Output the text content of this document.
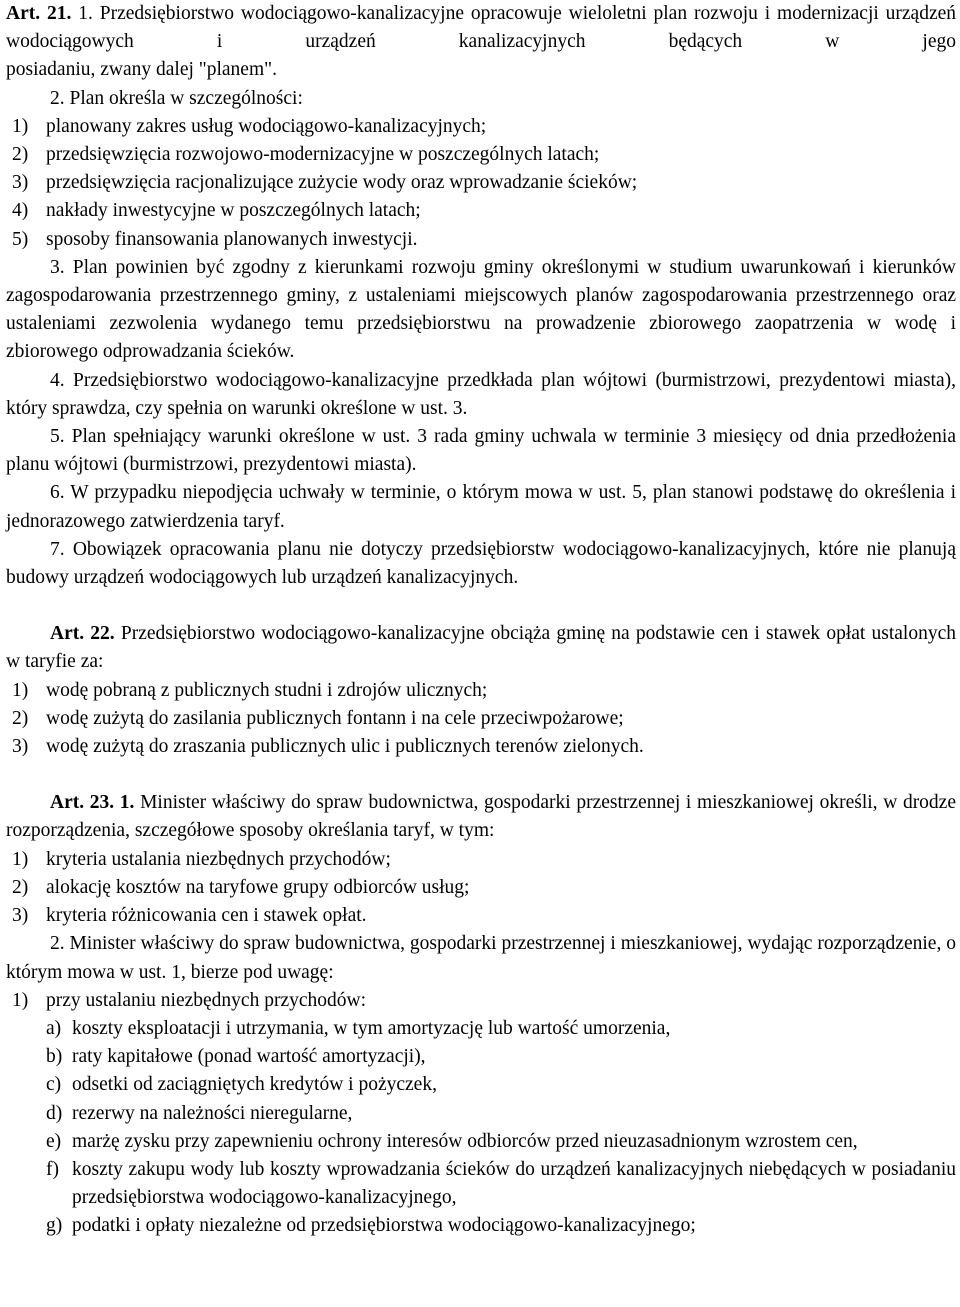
Art. 21. 1. Przedsiębiorstwo wodociągowo-kanalizacyjne opracowuje wieloletni plan rozwoju i modernizacji urządzeń wodociągowych i urządzeń kanalizacyjnych będących w jego

posiadaniu, zwany dalej "planem".

2. Plan określa w szczególności:

1) planowany zakres usług wodociągowo-kanalizacyjnych;
2) przedsięwzięcia rozwojowo-modernizacyjne w poszczególnych latach;
3) przedsięwzięcia racjonalizujące zużycie wody oraz wprowadzanie ścieków;
4) nakłady inwestycyjne w poszczególnych latach;
5) sposoby finansowania planowanych inwestycji.

3. Plan powinien być zgodny z kierunkami rozwoju gminy określonymi w studium uwarunkowań i kierunków zagospodarowania przestrzennego gminy, z ustaleniami miejscowych planów zagospodarowania przestrzennego oraz ustaleniami zezwolenia wydanego temu przedsiębiorstwu na prowadzenie zbiorowego zaopatrzenia w wodę i zbiorowego odprowadzania ścieków.

4. Przedsiębiorstwo wodociągowo-kanalizacyjne przedkłada plan wójtowi (burmistrzowi, prezydentowi miasta), który sprawdza, czy spełnia on warunki określone w ust. 3.

5. Plan spełniający warunki określone w ust. 3 rada gminy uchwala w terminie 3 miesięcy od dnia przedłożenia planu wójtowi (burmistrzowi, prezydentowi miasta).

6. W przypadku niepodjęcia uchwały w terminie, o którym mowa w ust. 5, plan stanowi podstawę do określenia i jednorazowego zatwierdzenia taryf.

7. Obowiązek opracowania planu nie dotyczy przedsiębiorstw wodociągowo-kanalizacyjnych, które nie planują budowy urządzeń wodociągowych lub urządzeń kanalizacyjnych.

Art. 22. Przedsiębiorstwo wodociągowo-kanalizacyjne obciąża gminę na podstawie cen i stawek opłat ustalonych w taryfie za:

1) wodę pobraną z publicznych studni i zdrojów ulicznych;
2) wodę zużytą do zasilania publicznych fontann i na cele przeciwpożarowe;
3) wodę zużytą do zraszania publicznych ulic i publicznych terenów zielonych.

Art. 23. 1. Minister właściwy do spraw budownictwa, gospodarki przestrzennej i mieszkaniowej określi, w drodze rozporządzenia, szczegółowe sposoby określania taryf, w tym:

1) kryteria ustalania niezbędnych przychodów;
2) alokację kosztów na taryfowe grupy odbiorców usług;
3) kryteria różnicowania cen i stawek opłat.

2. Minister właściwy do spraw budownictwa, gospodarki przestrzennej i mieszkaniowej, wydając rozporządzenie, o którym mowa w ust. 1, bierze pod uwagę:

1) przy ustalaniu niezbędnych przychodów:
a) koszty eksploatacji i utrzymania, w tym amortyzację lub wartość umorzenia,
b) raty kapitałowe (ponad wartość amortyzacji),
c) odsetki od zaciągniętych kredytów i pożyczek,
d) rezerwy na należności nieregularne,
e) marżę zysku przy zapewnieniu ochrony interesów odbiorców przed nieuzasadnionym wzrostem cen,
f) koszty zakupu wody lub koszty wprowadzania ścieków do urządzeń kanalizacyjnych niebędących w posiadaniu przedsiębiorstwa wodociągowo-kanalizacyjnego,
g) podatki i opłaty niezależne od przedsiębiorstwa wodociągowo-kanalizacyjnego;
